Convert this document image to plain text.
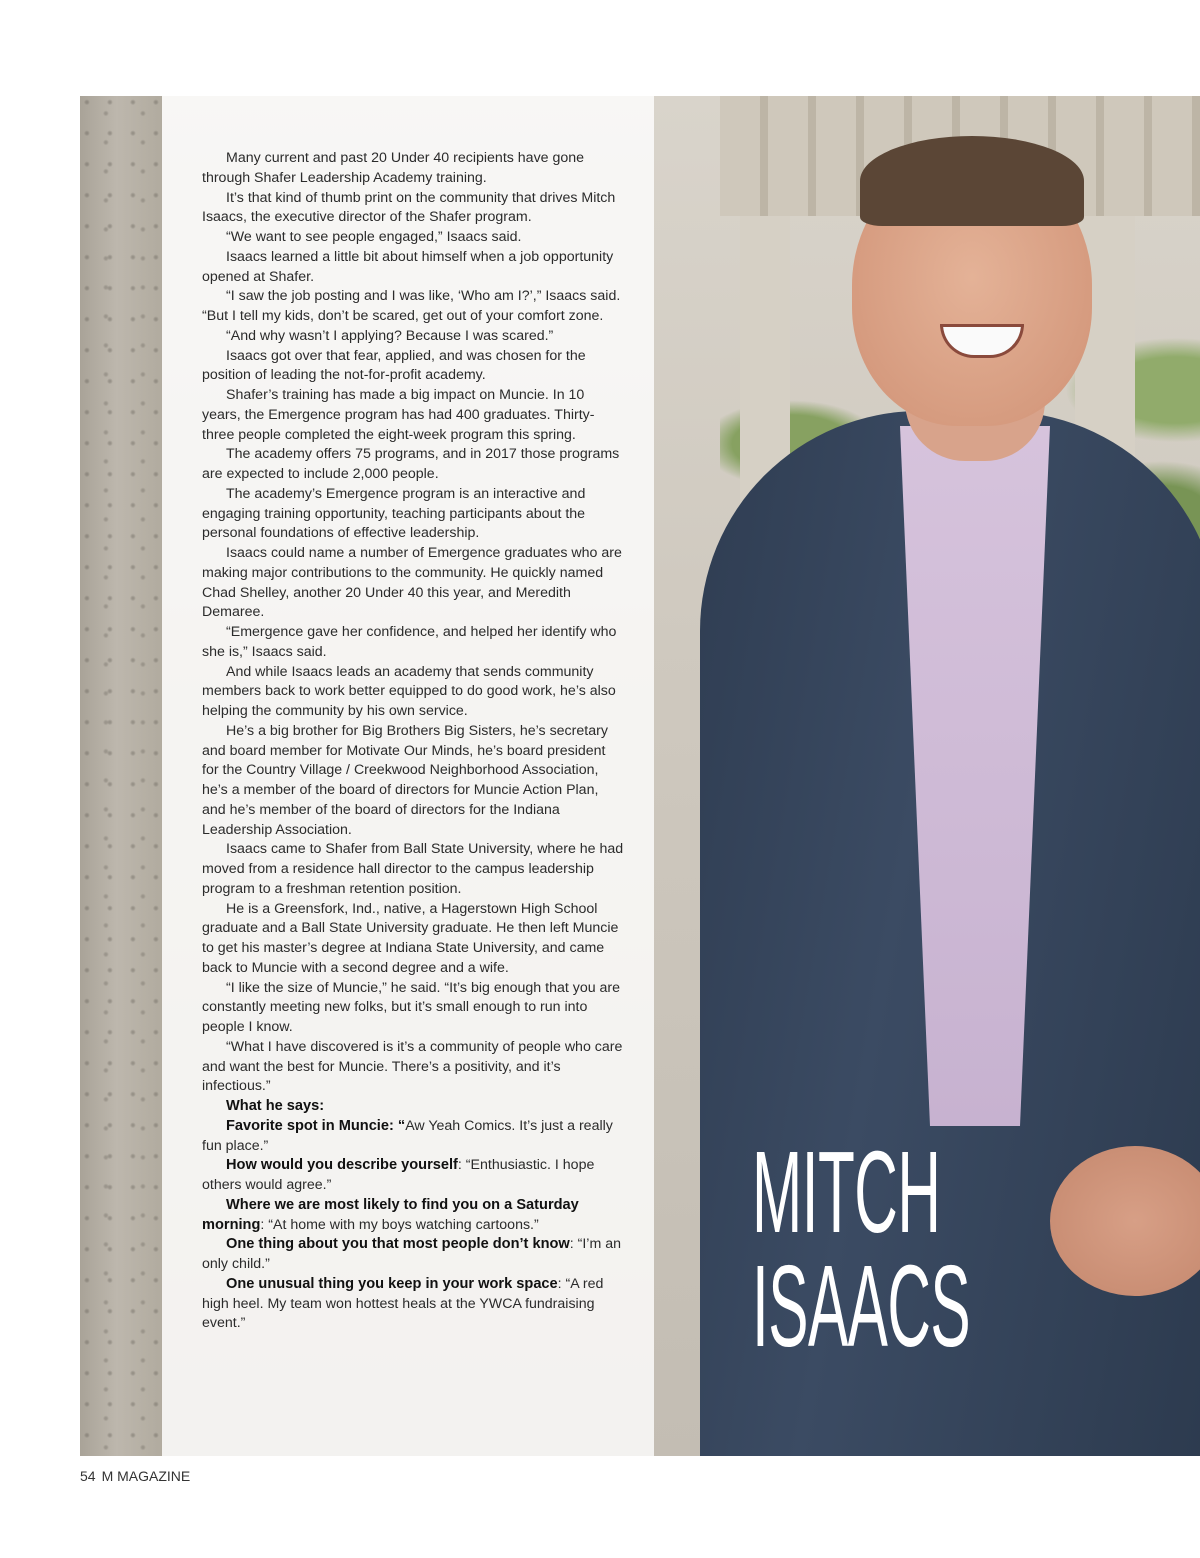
Many current and past 20 Under 40 recipients have gone through Shafer Leadership Academy training.

It’s that kind of thumb print on the community that drives Mitch Isaacs, the executive director of the Shafer program.

“We want to see people engaged,” Isaacs said.

Isaacs learned a little bit about himself when a job opportunity opened at Shafer.

“I saw the job posting and I was like, ‘Who am I?’,” Isaacs said. “But I tell my kids, don’t be scared, get out of your comfort zone.

“And why wasn’t I applying? Because I was scared.”

Isaacs got over that fear, applied, and was chosen for the position of leading the not-for-profit academy.

Shafer’s training has made a big impact on Muncie. In 10 years, the Emergence program has had 400 graduates. Thirty-three people completed the eight-week program this spring.

The academy offers 75 programs, and in 2017 those programs are expected to include 2,000 people.

The academy’s Emergence program is an interactive and engaging training opportunity, teaching participants about the personal foundations of effective leadership.

Isaacs could name a number of Emergence graduates who are making major contributions to the community. He quickly named Chad Shelley, another 20 Under 40 this year, and Meredith Demaree.

“Emergence gave her confidence, and helped her identify who she is,” Isaacs said.

And while Isaacs leads an academy that sends community members back to work better equipped to do good work, he’s also helping the community by his own service.

He’s a big brother for Big Brothers Big Sisters, he’s secretary and board member for Motivate Our Minds, he’s board president for the Country Village / Creekwood Neighborhood Association, he’s a member of the board of directors for Muncie Action Plan, and he’s member of the board of directors for the Indiana Leadership Association.

Isaacs came to Shafer from Ball State University, where he had moved from a residence hall director to the campus leadership program to a freshman retention position.

He is a Greensfork, Ind., native, a Hagerstown High School graduate and a Ball State University graduate. He then left Muncie to get his master’s degree at Indiana State University, and came back to Muncie with a second degree and a wife.

“I like the size of Muncie,” he said. “It’s big enough that you are constantly meeting new folks, but it’s small enough to run into people I know.

“What I have discovered is it’s a community of people who care and want the best for Muncie. There’s a positivity, and it’s infectious.”

What he says:

Favorite spot in Muncie: “Aw Yeah Comics. It’s just a really fun place.”

How would you describe yourself: “Enthusiastic. I hope others would agree.”

Where we are most likely to find you on a Saturday morning: “At home with my boys watching cartoons.”

One thing about you that most people don’t know: “I’m an only child.”

One unusual thing you keep in your work space: “A red high heel. My team won hottest heals at the YWCA fundraising event.”

MITCH
ISAACS
54 M MAGAZINE
